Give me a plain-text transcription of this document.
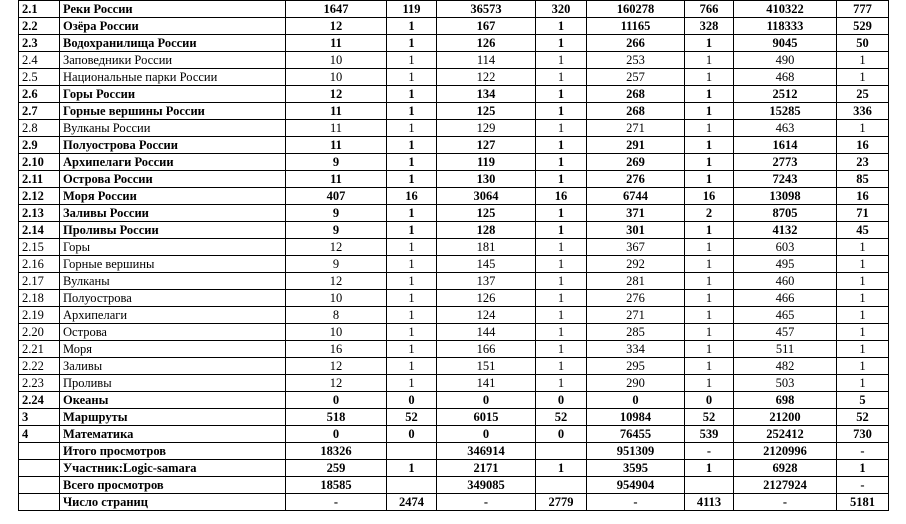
2.1	Реки России	1647	119	36573	320	160278	766	410322	777
2.2	Озёра России	12	1	167	1	11165	328	118333	529
2.3	Водохранилища России	11	1	126	1	266	1	9045	50
2.4	Заповедники России	10	1	114	1	253	1	490	1
2.5	Национальные парки России	10	1	122	1	257	1	468	1
2.6	Горы России	12	1	134	1	268	1	2512	25
2.7	Горные вершины России	11	1	125	1	268	1	15285	336
2.8	Вулканы России	11	1	129	1	271	1	463	1
2.9	Полуострова России	11	1	127	1	291	1	1614	16
2.10	Архипелаги России	9	1	119	1	269	1	2773	23
2.11	Острова России	11	1	130	1	276	1	7243	85
2.12	Моря России	407	16	3064	16	6744	16	13098	16
2.13	Заливы России	9	1	125	1	371	2	8705	71
2.14	Проливы России	9	1	128	1	301	1	4132	45
2.15	Горы	12	1	181	1	367	1	603	1
2.16	Горные вершины	9	1	145	1	292	1	495	1
2.17	Вулканы	12	1	137	1	281	1	460	1
2.18	Полуострова	10	1	126	1	276	1	466	1
2.19	Архипелаги	8	1	124	1	271	1	465	1
2.20	Острова	10	1	144	1	285	1	457	1
2.21	Моря	16	1	166	1	334	1	511	1
2.22	Заливы	12	1	151	1	295	1	482	1
2.23	Проливы	12	1	141	1	290	1	503	1
2.24	Океаны	0	0	0	0	0	0	698	5
3	Маршруты	518	52	6015	52	10984	52	21200	52
4	Математика	0	0	0	0	76455	539	252412	730
	Итого просмотров	18326		346914		951309	-	2120996	-
	Участник:Logic-samara	259	1	2171	1	3595	1	6928	1
	Всего просмотров	18585		349085		954904		2127924	-
	Число страниц	-	2474	-	2779	-	4113	-	5181
